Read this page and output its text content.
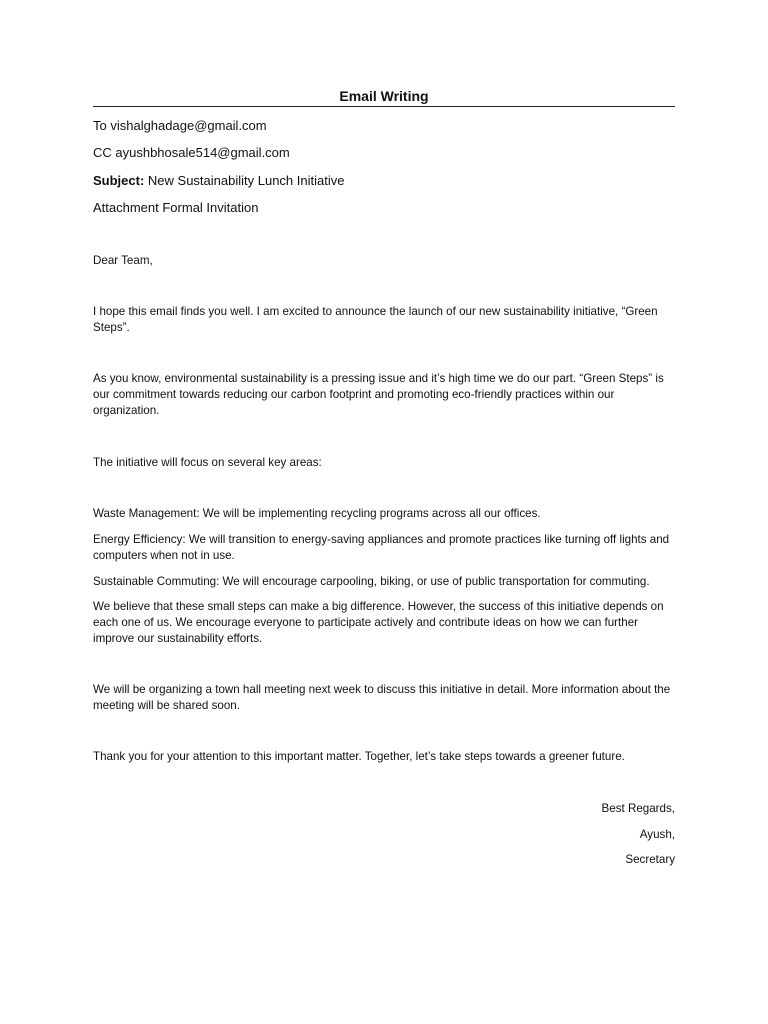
Email Writing
To vishalghadage@gmail.com
CC ayushbhosale514@gmail.com
Subject: New Sustainability Lunch Initiative
Attachment Formal Invitation
Dear Team,
I hope this email finds you well. I am excited to announce the launch of our new sustainability initiative, “Green Steps”.
As you know, environmental sustainability is a pressing issue and it’s high time we do our part. “Green Steps” is our commitment towards reducing our carbon footprint and promoting eco-friendly practices within our organization.
The initiative will focus on several key areas:
Waste Management: We will be implementing recycling programs across all our offices.
Energy Efficiency: We will transition to energy-saving appliances and promote practices like turning off lights and computers when not in use.
Sustainable Commuting: We will encourage carpooling, biking, or use of public transportation for commuting.
We believe that these small steps can make a big difference. However, the success of this initiative depends on each one of us. We encourage everyone to participate actively and contribute ideas on how we can further improve our sustainability efforts.
We will be organizing a town hall meeting next week to discuss this initiative in detail. More information about the meeting will be shared soon.
Thank you for your attention to this important matter. Together, let’s take steps towards a greener future.
Best Regards,
Ayush,
Secretary
